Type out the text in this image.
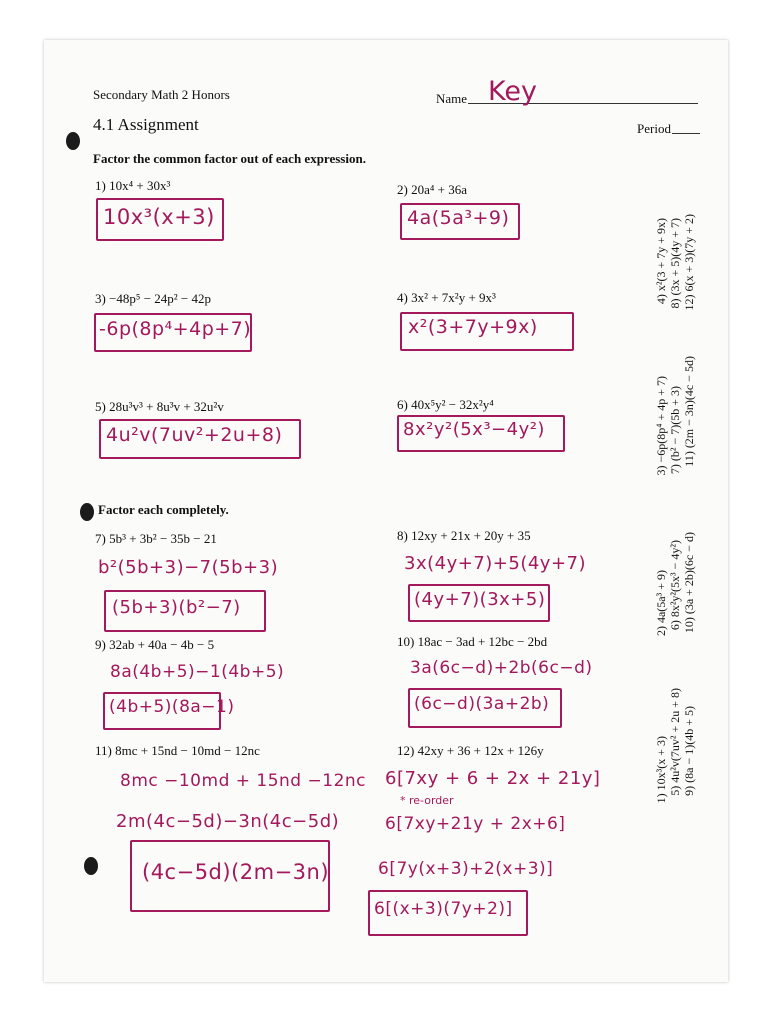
Secondary Math 2 Honors
4.1 Assignment
Name Key
Period
Factor the common factor out of each expression.
1) 10x⁴ + 30x³
10x³(x+3)
2) 20a⁴ + 36a
4a(5a³+9)
3) −48p⁵ − 24p² − 42p
-6p(8p⁴+4p+7)
4) 3x² + 7x²y + 9x³
x²(3+7y+9x)
5) 28u³v³ + 8u³v + 32u²v
4u²v(7uv²+2u+8)
6) 40x⁵y² − 32x²y⁴
8x²y²(5x³−4y²)
Factor each completely.
7) 5b³ + 3b² − 35b − 21
b²(5b+3)−7(5b+3)
(5b+3)(b²−7)
8) 12xy + 21x + 20y + 35
3x(4y+7)+5(4y+7)
(4y+7)(3x+5)
9) 32ab + 40a − 4b − 5
8a(4b+5)−1(4b+5)
(4b+5)(8a−1)
10) 18ac − 3ad + 12bc − 2bd
3a(6c−d)+2b(6c−d)
(6c−d)(3a+2b)
11) 8mc + 15nd − 10md − 12nc
8mc −10md + 15nd −12nc
2m(4c−5d)−3n(4c−5d)
(4c−5d)(2m−3n)
12) 42xy + 36 + 12x + 126y
6[7xy + 6 + 2x + 21y]
* re-order
6[7xy+21y + 2x+6]
6[7y(x+3)+2(x+3)]
6[(x+3)(7y+2)]
1) 10x³(x + 3) 5) 4u²v(7uv² + 2u + 8) 9) (8a − 1)(4b + 5)
2) 4a(5a³ + 9) 6) 8x²y²(5x³ − 4y²) 10) (3a + 2b)(6c − d)
3) −6p(8p⁴ + 4p + 7) 7) (b² − 7)(5b + 3) 11) (2m − 3n)(4c − 5d)
4) x²(3 + 7y + 9x) 8) (3x + 5)(4y + 7) 12) 6(x + 3)(7y + 2)
